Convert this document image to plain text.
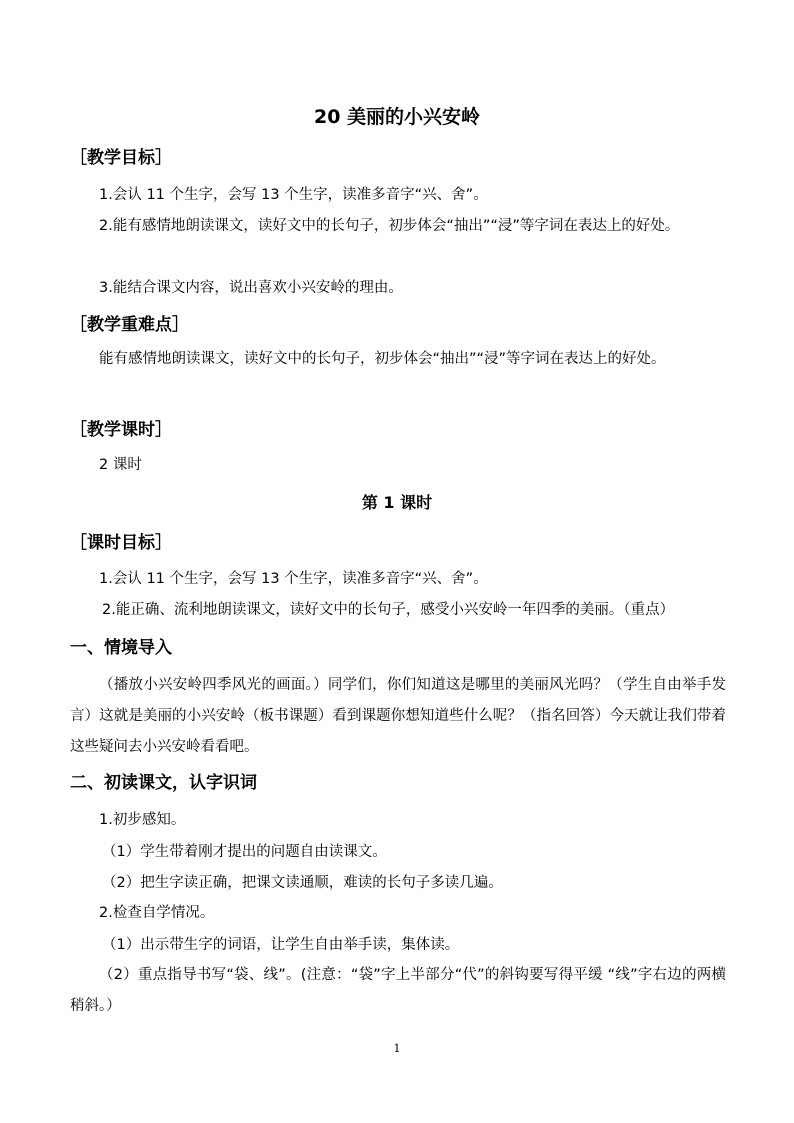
20 美丽的小兴安岭
［教学目标］

1.会认 11 个生字，会写 13 个生字，读准多音字“兴、舍”。

2.能有感情地朗读课文，读好文中的长句子，初步体会“抽出”“浸”等字词在表达上的好处。

3.能结合课文内容，说出喜欢小兴安岭的理由。

［教学重难点］

能有感情地朗读课文，读好文中的长句子，初步体会“抽出”“浸”等字词在表达上的好处。

［教学课时］

2 课时

第 1 课时
［课时目标］

1.会认 11 个生字，会写 13 个生字，读准多音字“兴、舍”。

2.能正确、流利地朗读课文，读好文中的长句子，感受小兴安岭一年四季的美丽。（重点）
一、情境导入

（播放小兴安岭四季风光的画面。）同学们，你们知道这是哪里的美丽风光吗？（学生自由举手发言）这就是美丽的小兴安岭（板书课题）看到课题你想知道些什么呢？（指名回答）今天就让我们带着这些疑问去小兴安岭看看吧。

二、初读课文，认字识词

1.初步感知。

（1）学生带着刚才提出的问题自由读课文。
（2）把生字读正确，把课文读通顺，难读的长句子多读几遍。

2.检查自学情况。

（1）出示带生字的词语，让学生自由举手读，集体读。

（2）重点指导书写“袋、线”。(注意：“袋”字上半部分“代”的斜钩要写得平缓 “线”字右边的两横稍斜。）

1
